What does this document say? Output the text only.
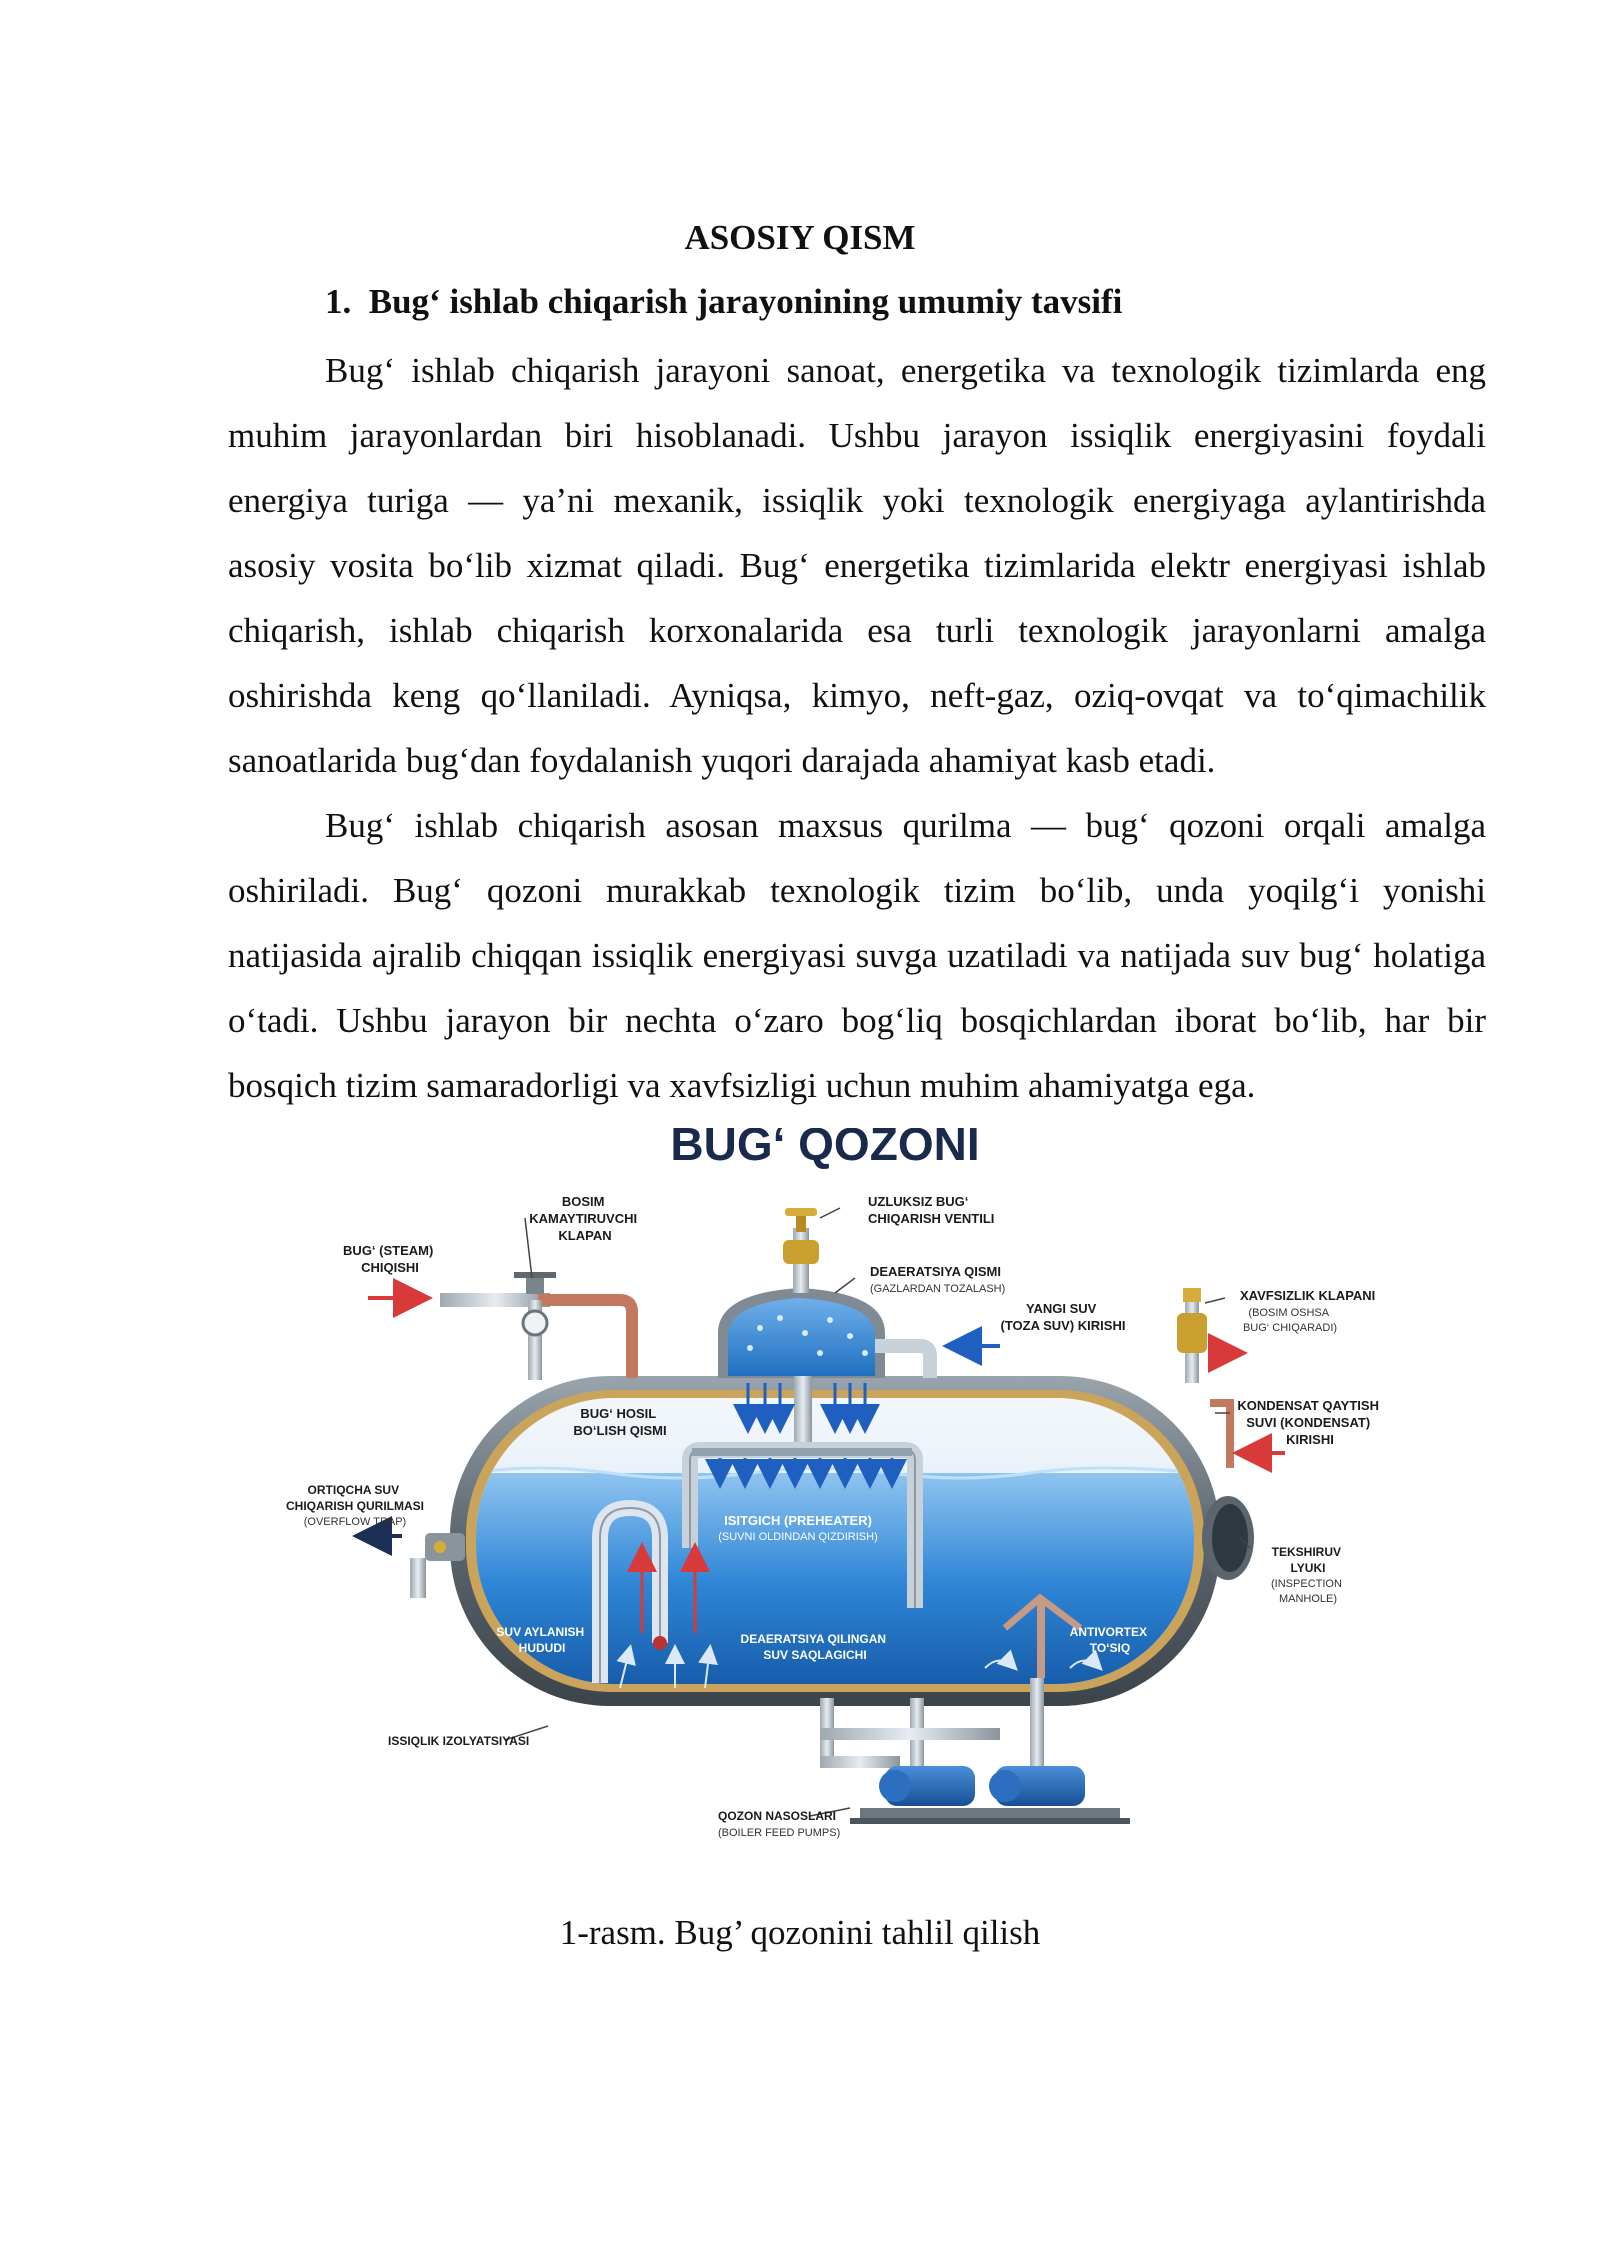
ASOSIY QISM
1. Bug‘ ishlab chiqarish jarayonining umumiy tavsifi

Bug‘ ishlab chiqarish jarayoni sanoat, energetika va texnologik tizimlarda eng muhim jarayonlardan biri hisoblanadi. Ushbu jarayon issiqlik energiyasini foydali energiya turiga — ya’ni mexanik, issiqlik yoki texnologik energiyaga aylantirishda asosiy vosita bo‘lib xizmat qiladi. Bug‘ energetika tizimlarida elektr energiyasi ishlab chiqarish, ishlab chiqarish korxonalarida esa turli texnologik jarayonlarni amalga oshirishda keng qo‘llaniladi. Ayniqsa, kimyo, neft-gaz, oziq-ovqat va to‘qimachilik sanoatlarida bug‘dan foydalanish yuqori darajada ahamiyat kasb etadi.

Bug‘ ishlab chiqarish asosan maxsus qurilma — bug‘ qozoni orqali amalga oshiriladi. Bug‘ qozoni murakkab texnologik tizim bo‘lib, unda yoqilg‘i yonishi natijasida ajralib chiqqan issiqlik energiyasi suvga uzatiladi va natijada suv bug‘ holatiga o‘tadi. Ushbu jarayon bir nechta o‘zaro bog‘liq bosqichlardan iborat bo‘lib, har bir bosqich tizim samaradorligi va xavfsizligi uchun muhim ahamiyatga ega.

BUG‘ QOZONI
BOSIM KAMAYTIRUVCHI KLAPAN
BUG‘ (STEAM) CHIQISHI
UZLUKSIZ BUG‘ CHIQARISH VENTILI
DEAERATSIYA QISMI
(GAZLARDAN TOZALASH)
YANGI SUV (TOZA SUV) KIRISHI
XAVFSIZLIK KLAPANI
(BOSIM OSHSA BUG‘ CHIQARADI)
BUG‘ HOSIL BO‘LISH QISMI
KONDENSAT QAYTISH SUVI (KONDENSAT) KIRISHI
ORTIQCHA SUV CHIQARISH QURILMASI
(OVERFLOW TRAP)	ISITGICH (PREHEATER)
(SUVNI OLDINDAN QIZDIRISH)
TEKSHIRUV LYUKI
(INSPECTION MANHOLE)
SUV AYLANISH HUDUDI
DEAERATSIYA QILINGAN SUV SAQLAGICHI
ANTIVORTEX TO‘SIQ
ISSIQLIK IZOLYATSIYASI
QOZON NASOSLARI
(BOILER FEED PUMPS)
1-rasm. Bug’ qozonini tahlil qilish
